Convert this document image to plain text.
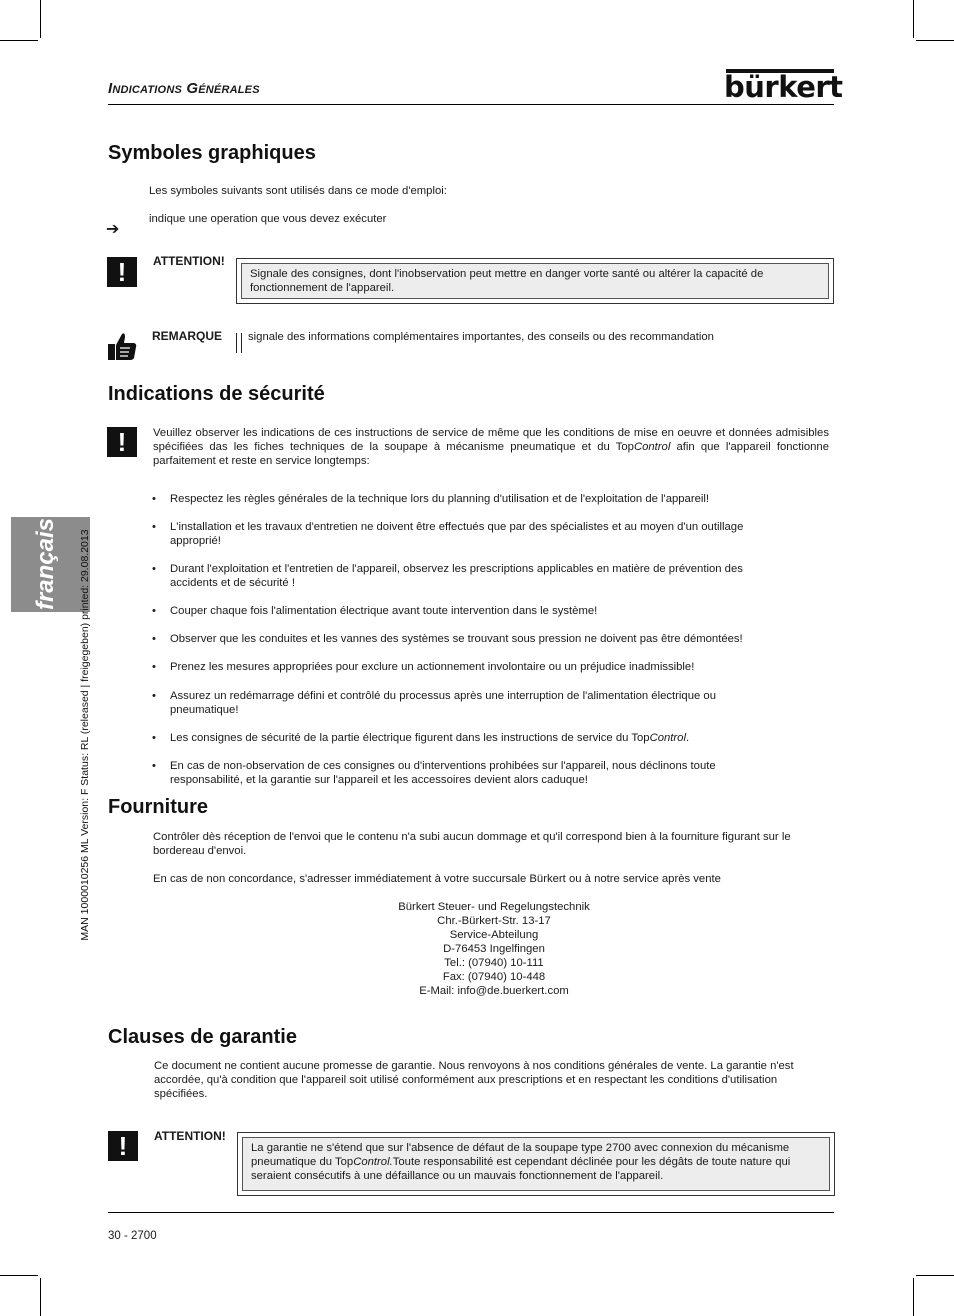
Indications Générales	bürkert
français MAN 1000010256 ML Version: F Status: RL (released | freigegeben) printed: 29.08.2013
Symboles graphiques

Les symboles suivants sont utilisés dans ce mode d'emploi:

➔

indique une operation que vous devez exécuter

!	ATTENTION!
Signale des consignes, dont l'inobservation peut mettre en danger vorte santé ou altérer la capacité de fonctionnement de l'appareil.
REMARQUE signale des informations complémentaires importantes, des conseils ou des recommandation

Indications de sécurité
!	Veuillez observer les indications de ces instructions de service de même que les conditions de mise en oeuvre et données admisibles spécifiées das les fiches techniques de la soupape à mécanisme pneumatique et du TopControl afin que l'appareil fonctionne parfaitement et reste en service longtemps:

• Respectez les règles générales de la technique lors du planning d'utilisation et de l'exploitation de l'appareil!
• L'installation et les travaux d'entretien ne doivent être effectués que par des spécialistes et au moyen d'un outillage approprié!
• Durant l'exploitation et l'entretien de l'appareil, observez les prescriptions applicables en matière de prévention des accidents et de sécurité !
• Couper chaque fois l'alimentation électrique avant toute intervention dans le système!
• Observer que les conduites et les vannes des systèmes se trouvant sous pression ne doivent pas être démontées!
• Prenez les mesures appropriées pour exclure un actionnement involontaire ou un préjudice inadmissible!
• Assurez un redémarrage défini et contrôlé du processus après une interruption de l'alimentation électrique ou pneumatique!
• Les consignes de sécurité de la partie électrique figurent dans les instructions de service du TopControl.
• En cas de non-observation de ces consignes ou d'interventions prohibées sur l'appareil, nous déclinons toute responsabilité, et la garantie sur l'appareil et les accessoires devient alors caduque!
Fourniture

Contrôler dès réception de l'envoi que le contenu n'a subi aucun dommage et qu'il correspond bien à la fourniture figurant sur le bordereau d'envoi.

En cas de non concordance, s'adresser immédiatement à votre succursale Bürkert ou à notre service après vente

Bürkert Steuer- und Regelungstechnik
Chr.-Bürkert-Str. 13-17
Service-Abteilung
D-76453 Ingelfingen
Tel.: (07940) 10-111
Fax: (07940) 10-448
E-Mail: info@de.buerkert.com
Clauses de garantie

Ce document ne contient aucune promesse de garantie. Nous renvoyons à nos conditions générales de vente. La garantie n'est accordée, qu'à condition que l'appareil soit utilisé conformément aux prescriptions et en respectant les conditions d'utilisation spécifiées.

!	ATTENTION!
La garantie ne s'étend que sur l'absence de défaut de la soupape type 2700 avec connexion du mécanisme pneumatique du TopControl.Toute responsabilité est cependant déclinée pour les dégâts de toute nature qui seraient consécutifs à une défaillance ou un mauvais fonctionnement de l'appareil.
30 - 2700
